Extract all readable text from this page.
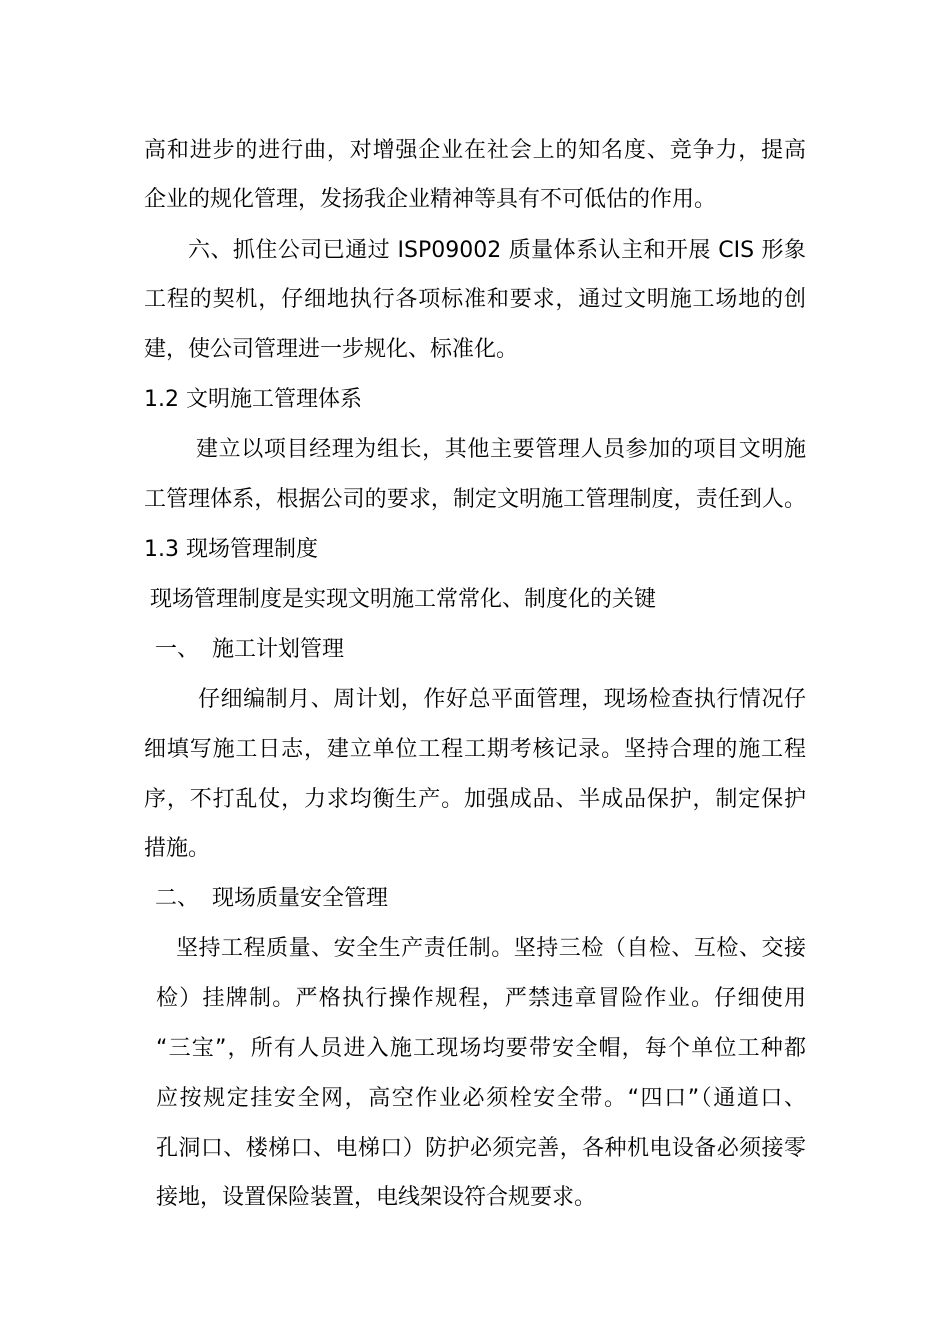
高和进步的进行曲，对增强企业在社会上的知名度、竞争力，提高
企业的规化管理，发扬我企业精神等具有不可低估的作用。
六、抓住公司已通过 ISP09002 质量体系认主和开展 CIS 形象
工程的契机，仔细地执行各项标准和要求，通过文明施工场地的创
建，使公司管理进一步规化、标准化。
1.2 文明施工管理体系
建立以项目经理为组长，其他主要管理人员参加的项目文明施
工管理体系，根据公司的要求，制定文明施工管理制度，责任到人。
1.3 现场管理制度
现场管理制度是实现文明施工常常化、制度化的关键
一、 施工计划管理
仔细编制月、周计划，作好总平面管理，现场检查执行情况仔
细填写施工日志，建立单位工程工期考核记录。坚持合理的施工程
序，不打乱仗，力求均衡生产。加强成品、半成品保护，制定保护
措施。
二、 现场质量安全管理
坚持工程质量、安全生产责任制。坚持三检（自检、互检、交接
检）挂牌制。严格执行操作规程，严禁违章冒险作业。仔细使用
“三宝”，所有人员进入施工现场均要带安全帽，每个单位工种都
应按规定挂安全网，高空作业必须栓安全带。“四口”（通道口、
孔洞口、楼梯口、电梯口）防护必须完善，各种机电设备必须接零
接地，设置保险装置，电线架设符合规要求。
